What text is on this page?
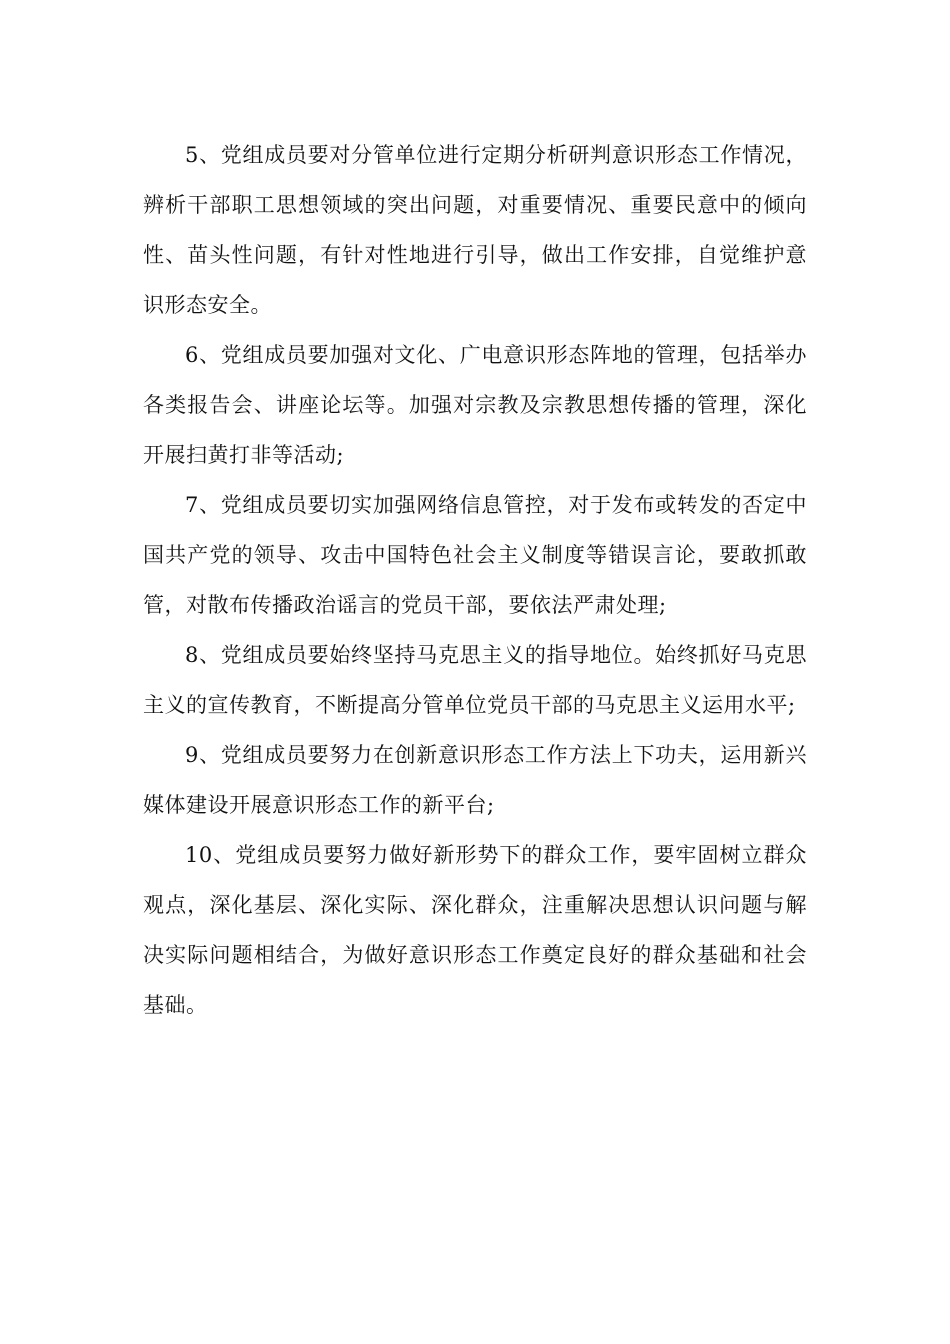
5、党组成员要对分管单位进行定期分析研判意识形态工作情况，辨析干部职工思想领域的突出问题，对重要情况、重要民意中的倾向性、苗头性问题，有针对性地进行引导，做出工作安排，自觉维护意识形态安全。

6、党组成员要加强对文化、广电意识形态阵地的管理，包括举办各类报告会、讲座论坛等。加强对宗教及宗教思想传播的管理，深化开展扫黄打非等活动;

7、党组成员要切实加强网络信息管控，对于发布或转发的否定中国共产党的领导、攻击中国特色社会主义制度等错误言论，要敢抓敢管，对散布传播政治谣言的党员干部，要依法严肃处理;

8、党组成员要始终坚持马克思主义的指导地位。始终抓好马克思主义的宣传教育，不断提高分管单位党员干部的马克思主义运用水平;

9、党组成员要努力在创新意识形态工作方法上下功夫，运用新兴媒体建设开展意识形态工作的新平台;

10、党组成员要努力做好新形势下的群众工作，要牢固树立群众观点，深化基层、深化实际、深化群众，注重解决思想认识问题与解决实际问题相结合，为做好意识形态工作奠定良好的群众基础和社会基础。
